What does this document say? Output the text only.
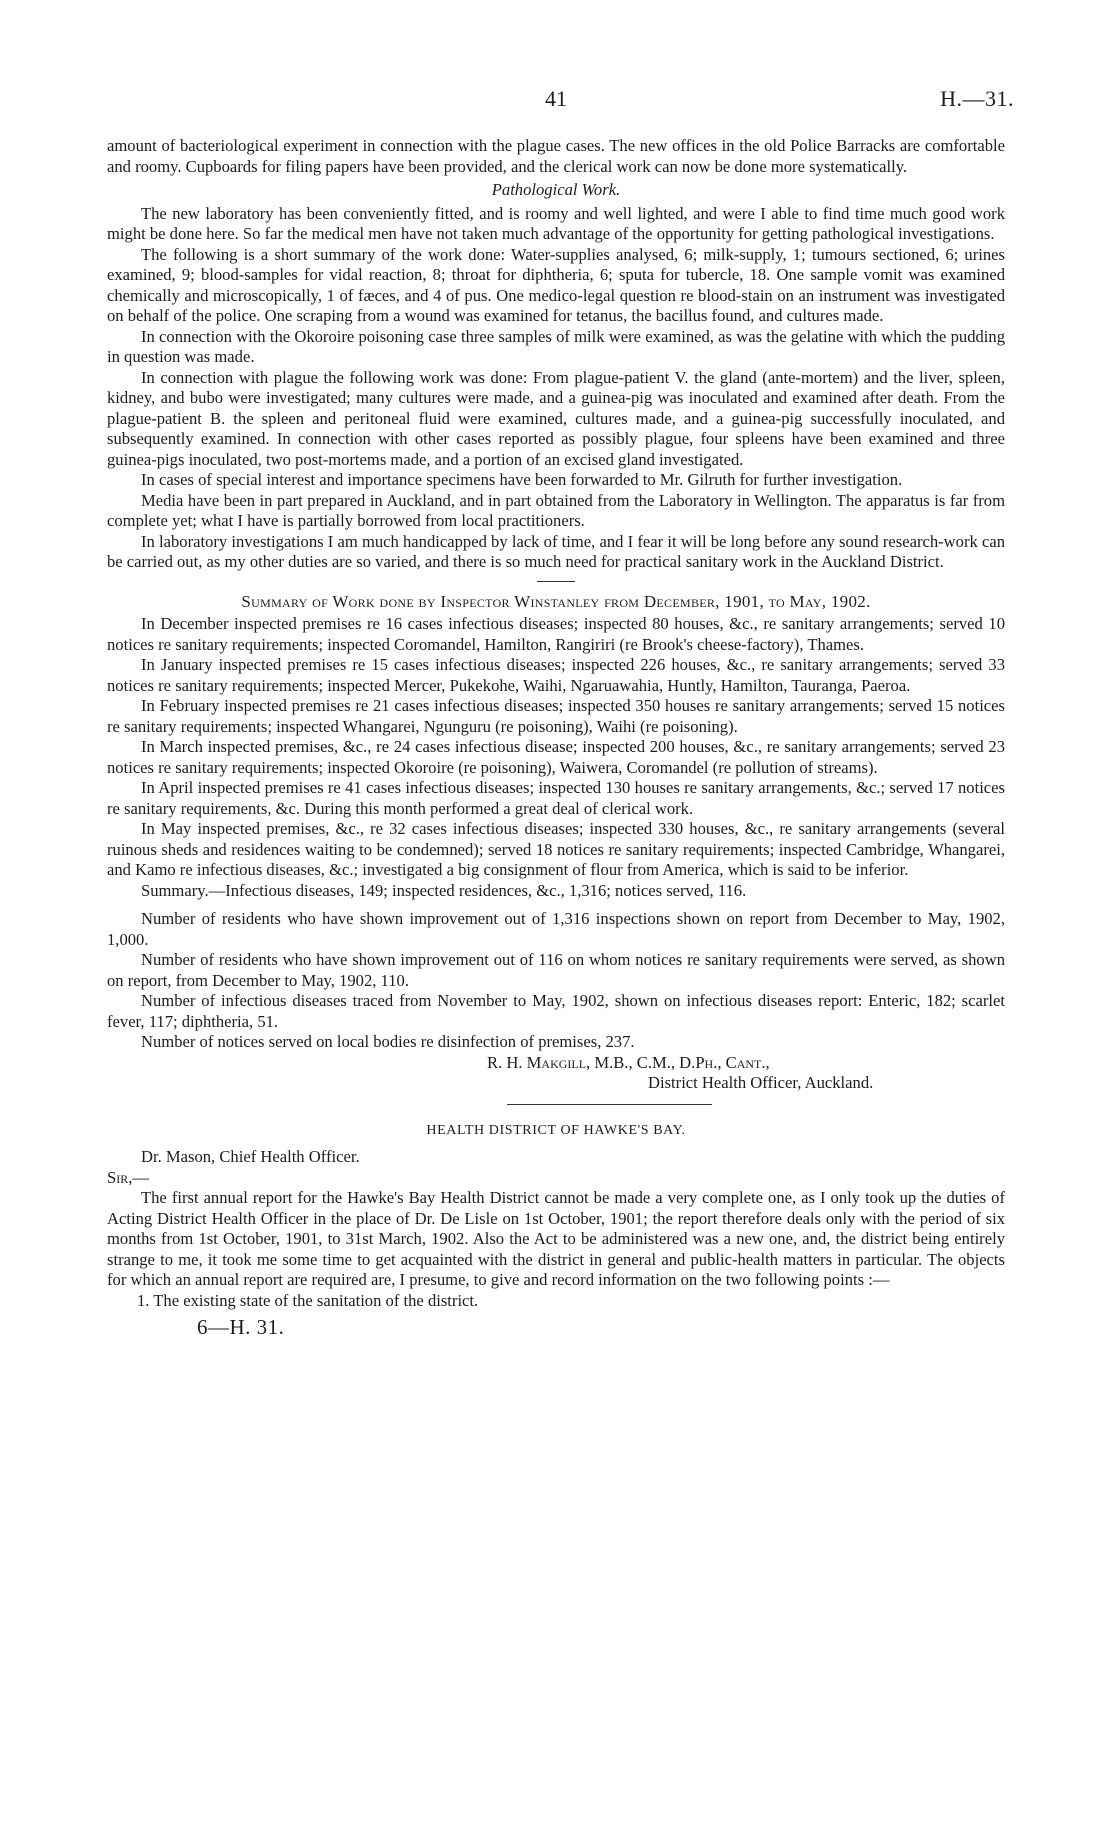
41	H.—31.

amount of bacteriological experiment in connection with the plague cases. The new offices in the old Police Barracks are comfortable and roomy. Cupboards for filing papers have been provided, and the clerical work can now be done more systematically.

Pathological Work.

The new laboratory has been conveniently fitted, and is roomy and well lighted, and were I able to find time much good work might be done here. So far the medical men have not taken much advantage of the opportunity for getting pathological investigations.

The following is a short summary of the work done: Water-supplies analysed, 6; milk-supply, 1; tumours sectioned, 6; urines examined, 9; blood-samples for vidal reaction, 8; throat for diphtheria, 6; sputa for tubercle, 18. One sample vomit was examined chemically and microscopically, 1 of fæces, and 4 of pus. One medico-legal question re blood-stain on an instrument was investigated on behalf of the police. One scraping from a wound was examined for tetanus, the bacillus found, and cultures made.

In connection with the Okoroire poisoning case three samples of milk were examined, as was the gelatine with which the pudding in question was made.

In connection with plague the following work was done: From plague-patient V. the gland (ante-mortem) and the liver, spleen, kidney, and bubo were investigated; many cultures were made, and a guinea-pig was inoculated and examined after death. From the plague-patient B. the spleen and peritoneal fluid were examined, cultures made, and a guinea-pig successfully inoculated, and subsequently examined. In connection with other cases reported as possibly plague, four spleens have been examined and three guinea-pigs inoculated, two post-mortems made, and a portion of an excised gland investigated.

In cases of special interest and importance specimens have been forwarded to Mr. Gilruth for further investigation.

Media have been in part prepared in Auckland, and in part obtained from the Laboratory in Wellington. The apparatus is far from complete yet; what I have is partially borrowed from local practitioners.

In laboratory investigations I am much handicapped by lack of time, and I fear it will be long before any sound research-work can be carried out, as my other duties are so varied, and there is so much need for practical sanitary work in the Auckland District.

Summary of Work done by Inspector Winstanley from December, 1901, to May, 1902.

In December inspected premises re 16 cases infectious diseases; inspected 80 houses, &c., re sanitary arrangements; served 10 notices re sanitary requirements; inspected Coromandel, Hamilton, Rangiriri (re Brook's cheese-factory), Thames.

In January inspected premises re 15 cases infectious diseases; inspected 226 houses, &c., re sanitary arrangements; served 33 notices re sanitary requirements; inspected Mercer, Pukekohe, Waihi, Ngaruawahia, Huntly, Hamilton, Tauranga, Paeroa.

In February inspected premises re 21 cases infectious diseases; inspected 350 houses re sanitary arrangements; served 15 notices re sanitary requirements; inspected Whangarei, Ngunguru (re poisoning), Waihi (re poisoning).

In March inspected premises, &c., re 24 cases infectious disease; inspected 200 houses, &c., re sanitary arrangements; served 23 notices re sanitary requirements; inspected Okoroire (re poisoning), Waiwera, Coromandel (re pollution of streams).

In April inspected premises re 41 cases infectious diseases; inspected 130 houses re sanitary arrangements, &c.; served 17 notices re sanitary requirements, &c. During this month performed a great deal of clerical work.

In May inspected premises, &c., re 32 cases infectious diseases; inspected 330 houses, &c., re sanitary arrangements (several ruinous sheds and residences waiting to be condemned); served 18 notices re sanitary requirements; inspected Cambridge, Whangarei, and Kamo re infectious diseases, &c.; investigated a big consignment of flour from America, which is said to be inferior.

Summary.—Infectious diseases, 149; inspected residences, &c., 1,316; notices served, 116.

Number of residents who have shown improvement out of 1,316 inspections shown on report from December to May, 1902, 1,000.

Number of residents who have shown improvement out of 116 on whom notices re sanitary requirements were served, as shown on report, from December to May, 1902, 110.

Number of infectious diseases traced from November to May, 1902, shown on infectious diseases report: Enteric, 182; scarlet fever, 117; diphtheria, 51.

Number of notices served on local bodies re disinfection of premises, 237.

R. H. Makgill, M.B., C.M., D.Ph., Cant.,
District Health Officer, Auckland.
HEALTH DISTRICT OF HAWKE'S BAY.
Dr. Mason, Chief Health Officer.
Sir,—

The first annual report for the Hawke's Bay Health District cannot be made a very complete one, as I only took up the duties of Acting District Health Officer in the place of Dr. De Lisle on 1st October, 1901; the report therefore deals only with the period of six months from 1st October, 1901, to 31st March, 1902. Also the Act to be administered was a new one, and, the district being entirely strange to me, it took me some time to get acquainted with the district in general and public-health matters in particular. The objects for which an annual report are required are, I presume, to give and record information on the two following points :—

1. The existing state of the sanitation of the district.
6—H. 31.
